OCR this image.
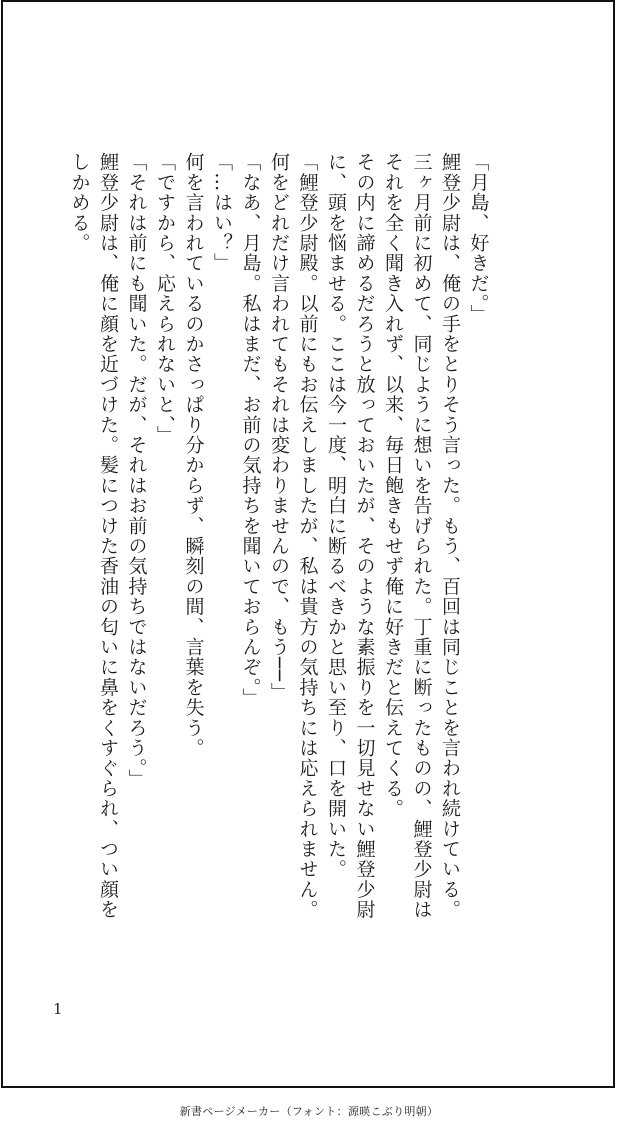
「月島、好きだ。」

鯉登少尉は、俺の手をとりそう言った。もう、百回は同じことを言われ続けている。

三ヶ月前に初めて、同じように想いを告げられた。丁重に断ったものの、鯉登少尉はそれを全く聞き入れず、以来、毎日飽きもせず俺に好きだと伝えてくる。

その内に諦めるだろうと放っておいたが、そのような素振りを一切見せない鯉登少尉に、頭を悩ませる。ここは今一度、明白に断るべきかと思い至り、口を開いた。

「鯉登少尉殿。以前にもお伝えしましたが、私は貴方の気持ちには応えられません。何をどれだけ言われてもそれは変わりませんので、もう──」

「なあ、月島。私はまだ、お前の気持ちを聞いておらんぞ。」

「…はい？」

何を言われているのかさっぱり分からず、瞬刻の間、言葉を失う。

「ですから、応えられないと、」

「それは前にも聞いた。だが、それはお前の気持ちではないだろう。」

鯉登少尉は、俺に顔を近づけた。髪につけた香油の匂いに鼻をくすぐられ、つい顔をしかめる。

1
新書ページメーカー（フォント：源暎こぶり明朝）
